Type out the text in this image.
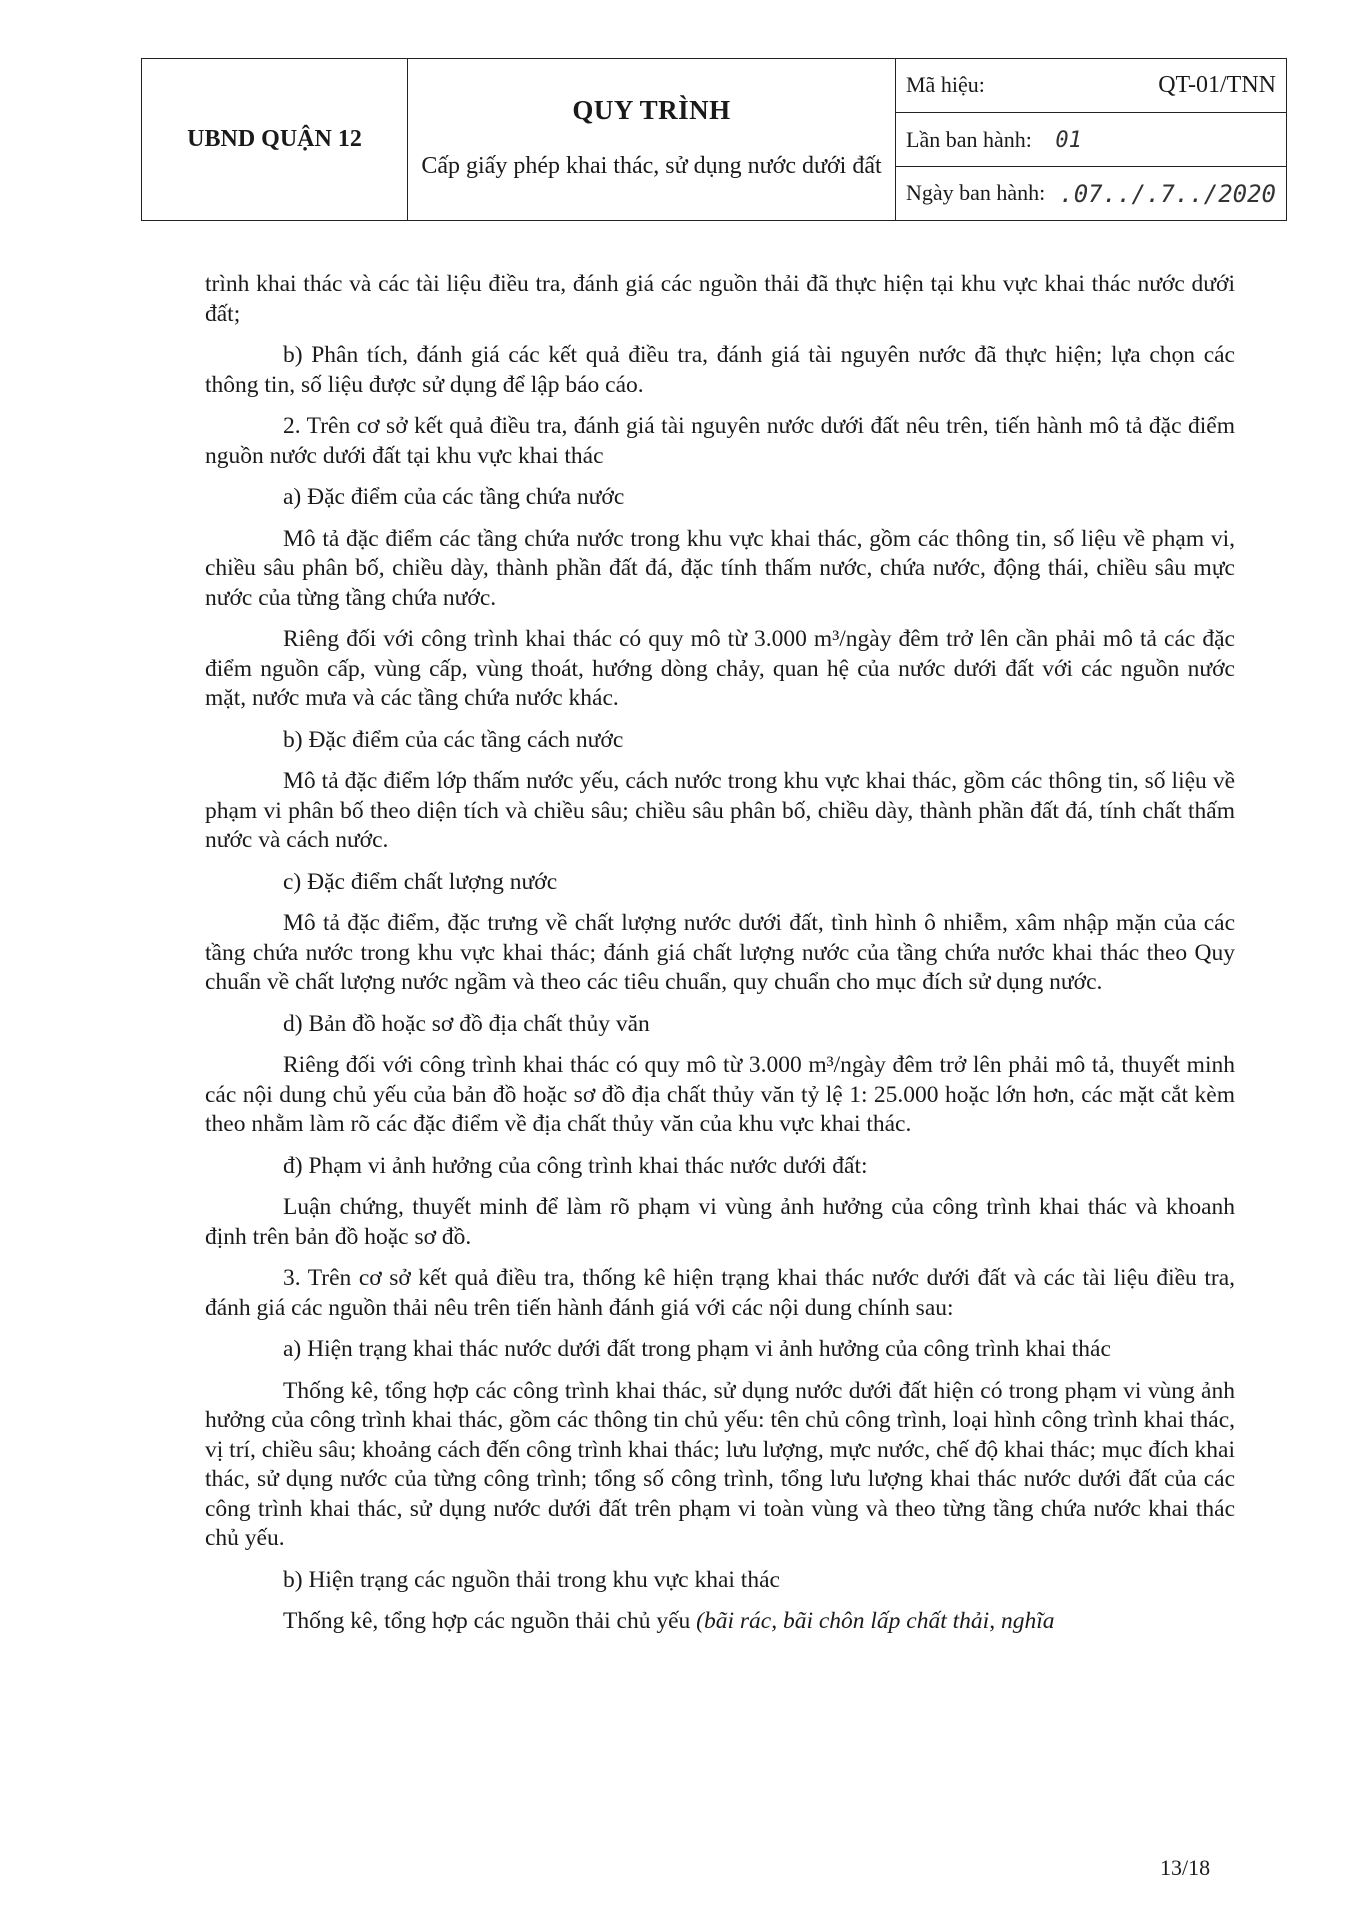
UBND QUẬN 12	
QUY TRÌNH
Cấp giấy phép khai thác, sử dụng nước dưới đất
	Mã hiệu:	QT-01/TNN

Lần ban hành: 01
Ngày ban hành: .07../.7../2020

trình khai thác và các tài liệu điều tra, đánh giá các nguồn thải đã thực hiện tại khu vực khai thác nước dưới đất;

b) Phân tích, đánh giá các kết quả điều tra, đánh giá tài nguyên nước đã thực hiện; lựa chọn các thông tin, số liệu được sử dụng để lập báo cáo.

2. Trên cơ sở kết quả điều tra, đánh giá tài nguyên nước dưới đất nêu trên, tiến hành mô tả đặc điểm nguồn nước dưới đất tại khu vực khai thác

a) Đặc điểm của các tầng chứa nước

Mô tả đặc điểm các tầng chứa nước trong khu vực khai thác, gồm các thông tin, số liệu về phạm vi, chiều sâu phân bố, chiều dày, thành phần đất đá, đặc tính thấm nước, chứa nước, động thái, chiều sâu mực nước của từng tầng chứa nước.

Riêng đối với công trình khai thác có quy mô từ 3.000 m³/ngày đêm trở lên cần phải mô tả các đặc điểm nguồn cấp, vùng cấp, vùng thoát, hướng dòng chảy, quan hệ của nước dưới đất với các nguồn nước mặt, nước mưa và các tầng chứa nước khác.

b) Đặc điểm của các tầng cách nước

Mô tả đặc điểm lớp thấm nước yếu, cách nước trong khu vực khai thác, gồm các thông tin, số liệu về phạm vi phân bố theo diện tích và chiều sâu; chiều sâu phân bố, chiều dày, thành phần đất đá, tính chất thấm nước và cách nước.

c) Đặc điểm chất lượng nước

Mô tả đặc điểm, đặc trưng về chất lượng nước dưới đất, tình hình ô nhiễm, xâm nhập mặn của các tầng chứa nước trong khu vực khai thác; đánh giá chất lượng nước của tầng chứa nước khai thác theo Quy chuẩn về chất lượng nước ngầm và theo các tiêu chuẩn, quy chuẩn cho mục đích sử dụng nước.

d) Bản đồ hoặc sơ đồ địa chất thủy văn

Riêng đối với công trình khai thác có quy mô từ 3.000 m³/ngày đêm trở lên phải mô tả, thuyết minh các nội dung chủ yếu của bản đồ hoặc sơ đồ địa chất thủy văn tỷ lệ 1: 25.000 hoặc lớn hơn, các mặt cắt kèm theo nhằm làm rõ các đặc điểm về địa chất thủy văn của khu vực khai thác.

đ) Phạm vi ảnh hưởng của công trình khai thác nước dưới đất:

Luận chứng, thuyết minh để làm rõ phạm vi vùng ảnh hưởng của công trình khai thác và khoanh định trên bản đồ hoặc sơ đồ.

3. Trên cơ sở kết quả điều tra, thống kê hiện trạng khai thác nước dưới đất và các tài liệu điều tra, đánh giá các nguồn thải nêu trên tiến hành đánh giá với các nội dung chính sau:

a) Hiện trạng khai thác nước dưới đất trong phạm vi ảnh hưởng của công trình khai thác

Thống kê, tổng hợp các công trình khai thác, sử dụng nước dưới đất hiện có trong phạm vi vùng ảnh hưởng của công trình khai thác, gồm các thông tin chủ yếu: tên chủ công trình, loại hình công trình khai thác, vị trí, chiều sâu; khoảng cách đến công trình khai thác; lưu lượng, mực nước, chế độ khai thác; mục đích khai thác, sử dụng nước của từng công trình; tổng số công trình, tổng lưu lượng khai thác nước dưới đất của các công trình khai thác, sử dụng nước dưới đất trên phạm vi toàn vùng và theo từng tầng chứa nước khai thác chủ yếu.

b) Hiện trạng các nguồn thải trong khu vực khai thác

Thống kê, tổng hợp các nguồn thải chủ yếu (bãi rác, bãi chôn lấp chất thải, nghĩa

13/18
